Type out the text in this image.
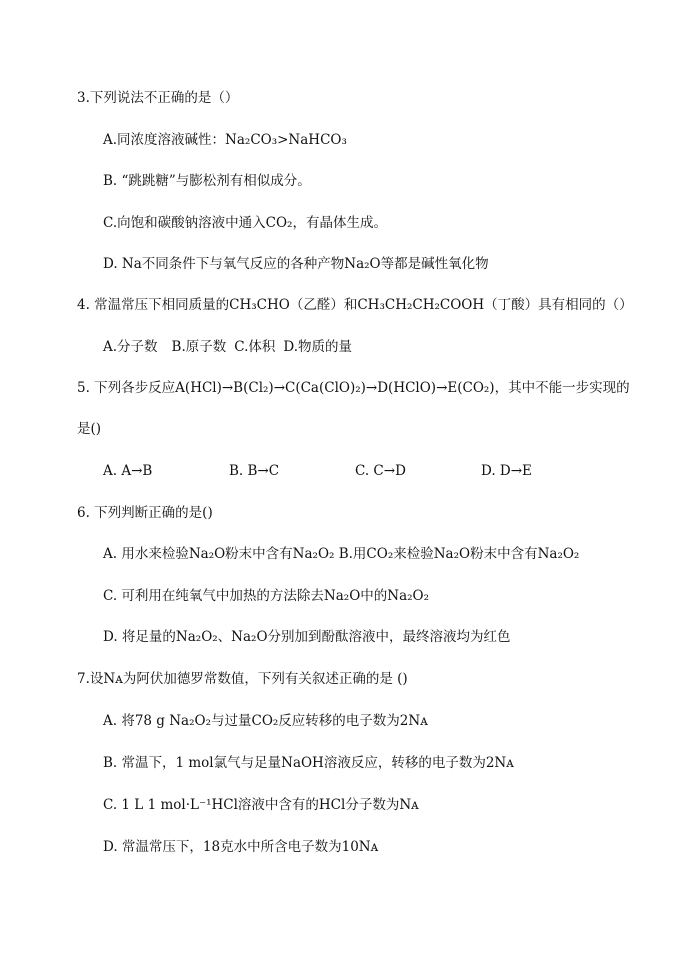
3.下列说法不正确的是（）
A.同浓度溶液碱性：Na₂CO₃>NaHCO₃
B. “跳跳糖”与膨松剂有相似成分。
C.向饱和碳酸钠溶液中通入CO₂，有晶体生成。
D. Na不同条件下与氧气反应的各种产物Na₂O等都是碱性氧化物
4. 常温常压下相同质量的CH₃CHO（乙醛）和CH₃CH₂CH₂COOH（丁酸）具有相同的（）
A.分子数 B.原子数 C.体积 D.物质的量
5. 下列各步反应A(HCl)→B(Cl₂)→C(Ca(ClO)₂)→D(HClO)→E(CO₂)，其中不能一步实现的
是()
A. A→B	B. B→C	C. C→D	D. D→E
6. 下列判断正确的是()
A. 用水来检验Na₂O粉末中含有Na₂O₂ B.用CO₂来检验Na₂O粉末中含有Na₂O₂
C. 可利用在纯氧气中加热的方法除去Na₂O中的Na₂O₂
D. 将足量的Na₂O₂、Na₂O分别加到酚酞溶液中，最终溶液均为红色
7.设Nᴀ为阿伏加德罗常数值，下列有关叙述正确的是 ()
A. 将78 g Na₂O₂与过量CO₂反应转移的电子数为2Nᴀ
B. 常温下，1 mol氯气与足量NaOH溶液反应，转移的电子数为2Nᴀ
C. 1 L 1 mol·L⁻¹HCl溶液中含有的HCl分子数为Nᴀ
D. 常温常压下，18克水中所含电子数为10Nᴀ
